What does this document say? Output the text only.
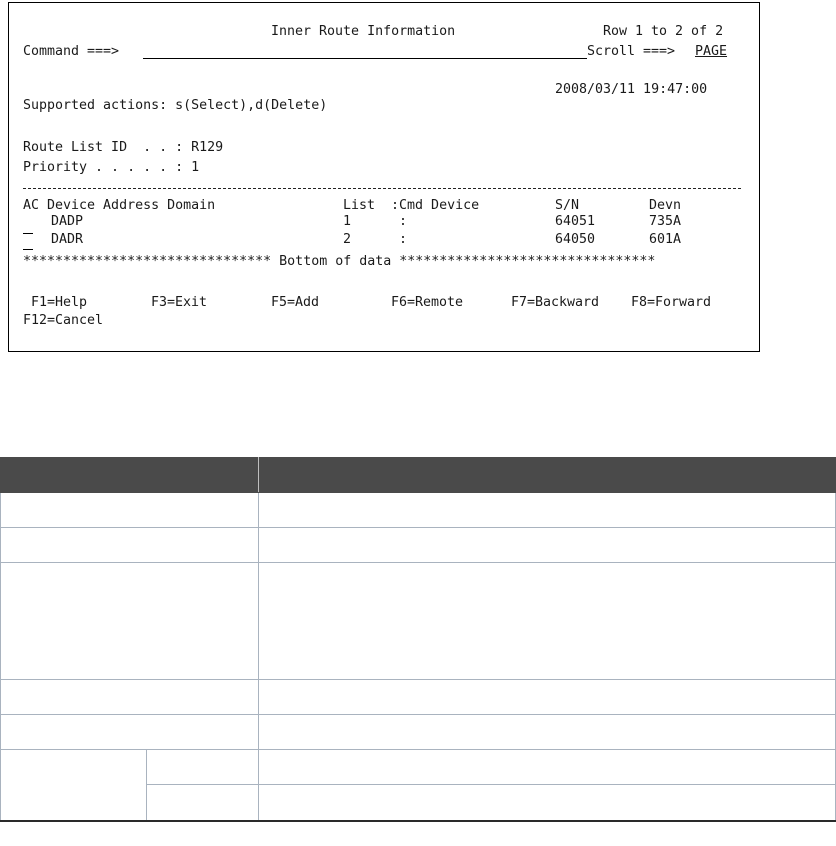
Inner Route Information	Row 1 to 2 of 2
Command ===>	Scroll ===> PAGE
2008/03/11 19:47:00
Supported actions: s(Select),d(Delete)
Route List ID  . . : R129
Priority . . . . . : 1
AC Device Address Domain	List  :Cmd Device	S/N	Devn
DADP	1	:	64051	735A
DADR	2	:	64050	601A
******************************* Bottom of data ********************************
F1=Help	F3=Exit	F5=Add	F6=Remote	F7=Backward F8=Forward
F12=Cancel
